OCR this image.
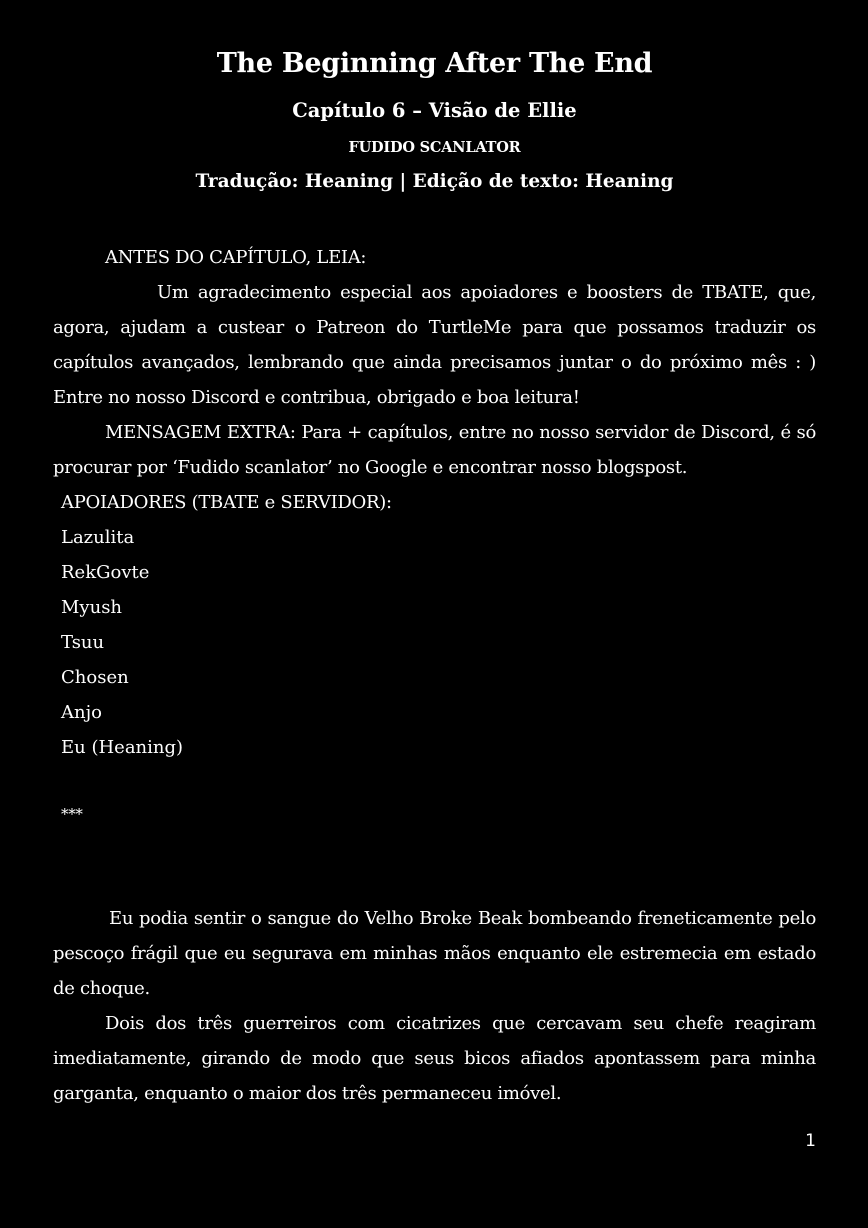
The Beginning After The End
Capítulo 6 – Visão de Ellie
FUDIDO SCANLATOR
Tradução: Heaning | Edição de texto: Heaning

ANTES DO CAPÍTULO, LEIA:

Um agradecimento especial aos apoiadores e boosters de TBATE, que, agora, ajudam a custear o Patreon do TurtleMe para que possamos traduzir os capítulos avançados, lembrando que ainda precisamos juntar o do próximo mês : ) Entre no nosso Discord e contribua, obrigado e boa leitura!

MENSAGEM EXTRA: Para + capítulos, entre no nosso servidor de Discord, é só procurar por ‘Fudido scanlator’ no Google e encontrar nosso blogspost.

APOIADORES (TBATE e SERVIDOR):

Lazulita
RekGovte
Myush
Tsuu
Chosen
Anjo
Eu (Heaning)

***

Eu podia sentir o sangue do Velho Broke Beak bombeando freneticamente pelo pescoço frágil que eu segurava em minhas mãos enquanto ele estremecia em estado de choque.

Dois dos três guerreiros com cicatrizes que cercavam seu chefe reagiram imediatamente, girando de modo que seus bicos afiados apontassem para minha garganta, enquanto o maior dos três permaneceu imóvel.

1
